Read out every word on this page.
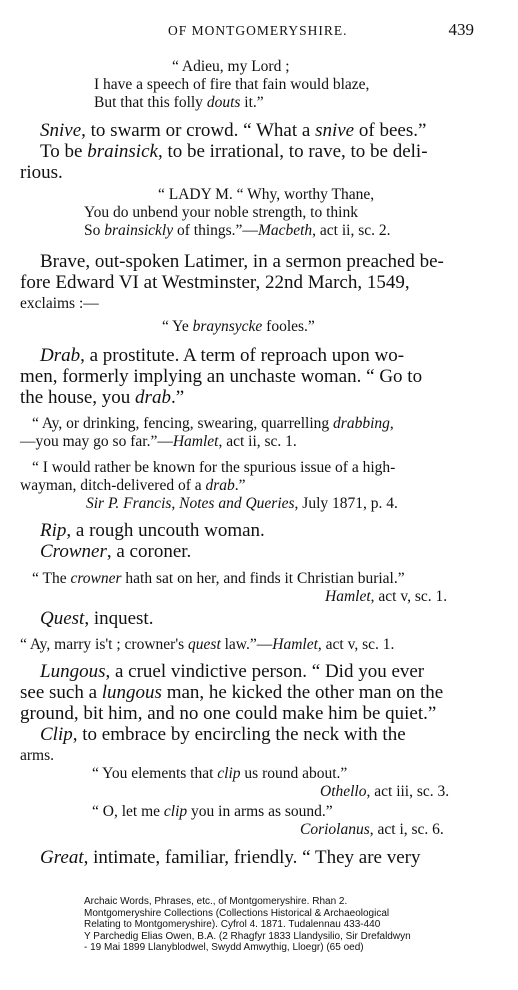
OF MONTGOMERYSHIRE.	439
“ Adieu, my Lord ;
I have a speech of fire that fain would blaze,
But that this folly douts it.”
Snive, to swarm or crowd. “ What a snive of bees.”
To be brainsick, to be irrational, to rave, to be deli-
rious.
“ LADY M. “ Why, worthy Thane,
You do unbend your noble strength, to think
So brainsickly of things.”—Macbeth, act ii, sc. 2.
Brave, out-spoken Latimer, in a sermon preached be-
fore Edward VI at Westminster, 22nd March, 1549,
exclaims :—
“ Ye braynsycke fooles.”
Drab, a prostitute. A term of reproach upon wo-
men, formerly implying an unchaste woman. “ Go to
the house, you drab.”
“ Ay, or drinking, fencing, swearing, quarrelling drabbing,
—you may go so far.”—Hamlet, act ii, sc. 1.
“ I would rather be known for the spurious issue of a high-
wayman, ditch-delivered of a drab.”
Sir P. Francis, Notes and Queries, July 1871, p. 4.
Rip, a rough uncouth woman.
Crowner, a coroner.
“ The crowner hath sat on her, and finds it Christian burial.”
Hamlet, act v, sc. 1.
Quest, inquest.
“ Ay, marry is't ; crowner's quest law.”—Hamlet, act v, sc. 1.
Lungous, a cruel vindictive person. “ Did you ever
see such a lungous man, he kicked the other man on the
ground, bit him, and no one could make him be quiet.”
Clip, to embrace by encircling the neck with the
arms.
“ You elements that clip us round about.”
Othello, act iii, sc. 3.
“ O, let me clip you in arms as sound.”
Coriolanus, act i, sc. 6.
Great, intimate, familiar, friendly. “ They are very
Archaic Words, Phrases, etc., of Montgomeryshire. Rhan 2.
Montgomeryshire Collections (Collections Historical & Archaeological
Relating to Montgomeryshire). Cyfrol 4. 1871. Tudalennau 433-440
Y Parchedig Elias Owen, B.A. (2 Rhagfyr 1833 Llandysilio, Sir Drefaldwyn
- 19 Mai 1899 Llanyblodwel, Swydd Amwythig, Lloegr) (65 oed)
